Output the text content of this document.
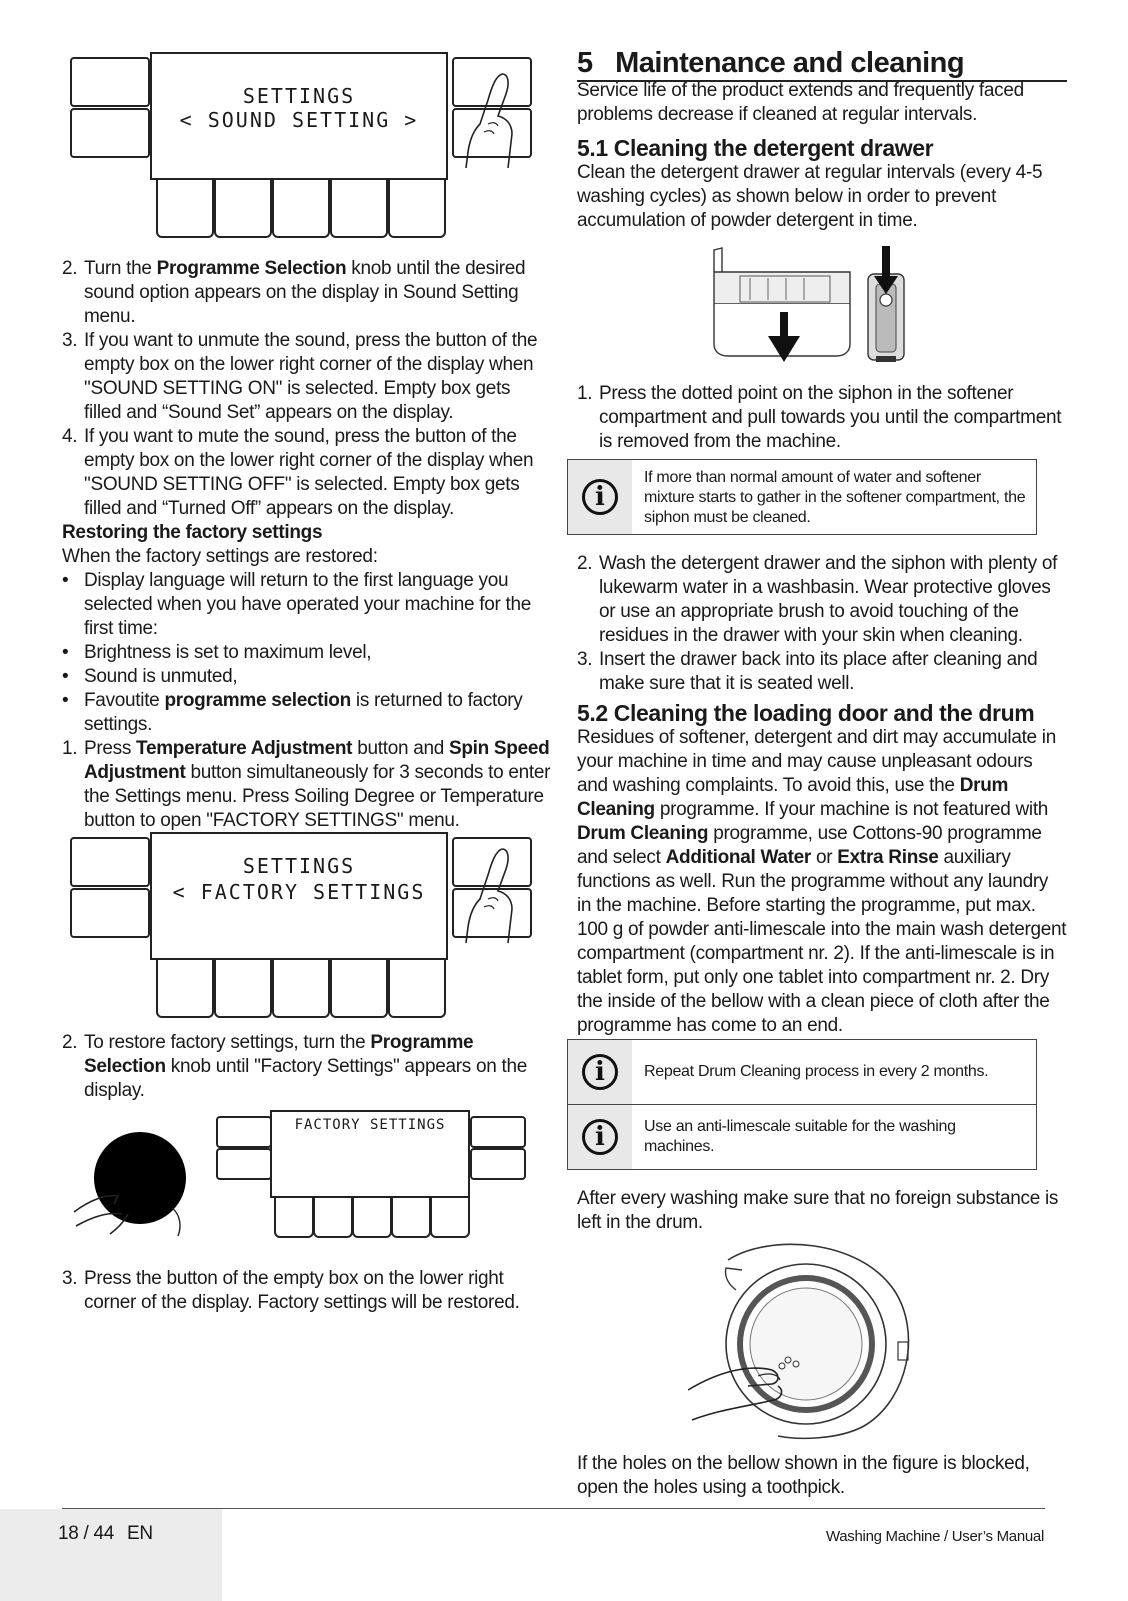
SETTINGS
< SOUND SETTING >
2. Turn the Programme Selection knob until the desired sound option appears on the display in Sound Setting menu.
3. If you want to unmute the sound, press the button of the empty box on the lower right corner of the display when "SOUND SETTING ON" is selected. Empty box gets filled and “Sound Set” appears on the display.
4. If you want to mute the sound, press the button of the empty box on the lower right corner of the display when "SOUND SETTING OFF" is selected. Empty box gets filled and “Turned Off” appears on the display.

Restoring the factory settings

When the factory settings are restored:

• Display language will return to the first language you selected when you have operated your machine for the first time:
• Brightness is set to maximum level,
• Sound is unmuted,
• Favoutite programme selection is returned to factory settings.
1. Press Temperature Adjustment button and Spin Speed Adjustment button simultaneously for 3 seconds to enter the Settings menu. Press Soiling Degree or Temperature button to open "FACTORY SETTINGS" menu.
SETTINGS
< FACTORY SETTINGS
2. To restore factory settings, turn the Programme Selection knob until "Factory Settings" appears on the display.
FACTORY SETTINGS
3. Press the button of the empty box on the lower right corner of the display. Factory settings will be restored.
5 Maintenance and cleaning

Service life of the product extends and frequently faced problems decrease if cleaned at regular intervals.

5.1 Cleaning the detergent drawer

Clean the detergent drawer at regular intervals (every 4-5 washing cycles) as shown below in order to prevent accumulation of powder detergent in time.

1. Press the dotted point on the siphon in the softener compartment and pull towards you until the compartment is removed from the machine.
i
If more than normal amount of water and softener mixture starts to gather in the softener compartment, the siphon must be cleaned.
2. Wash the detergent drawer and the siphon with plenty of lukewarm water in a washbasin. Wear protective gloves or use an appropriate brush to avoid touching of the residues in the drawer with your skin when cleaning.
3. Insert the drawer back into its place after cleaning and make sure that it is seated well.

5.2 Cleaning the loading door and the drum

Residues of softener, detergent and dirt may accumulate in your machine in time and may cause unpleasant odours and washing complaints. To avoid this, use the Drum Cleaning programme. If your machine is not featured with Drum Cleaning programme, use Cottons-90 programme and select Additional Water or Extra Rinse auxiliary functions as well. Run the programme without any laundry in the machine. Before starting the programme, put max. 100 g of powder anti-limescale into the main wash detergent compartment (compartment nr. 2). If the anti-limescale is in tablet form, put only one tablet into compartment nr. 2. Dry the inside of the bellow with a clean piece of cloth after the programme has come to an end.

i	Repeat Drum Cleaning process in every 2 months.
i	Use an anti-limescale suitable for the washing machines.

After every washing make sure that no foreign substance is left in the drum.

If the holes on the bellow shown in the figure is blocked, open the holes using a toothpick.

18 / 44 EN	Washing Machine / User’s Manual
